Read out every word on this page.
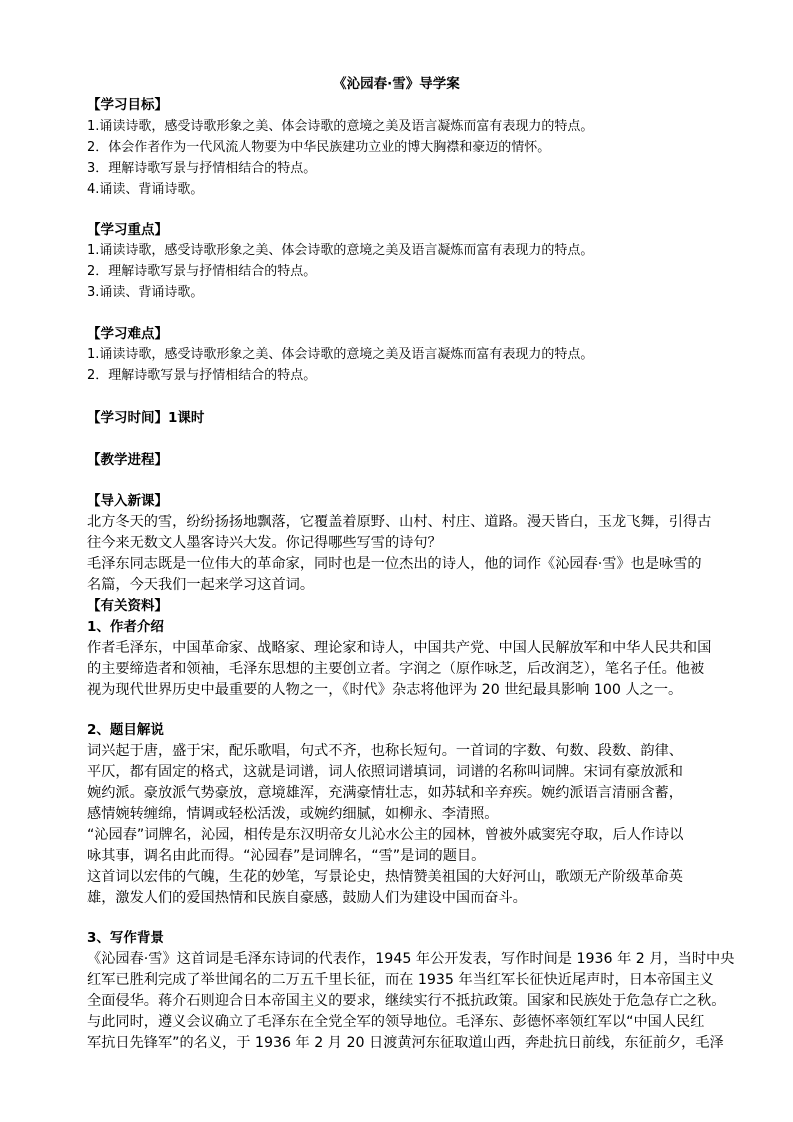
《沁园春·雪》导学案
【学习目标】
1.诵读诗歌，感受诗歌形象之美、体会诗歌的意境之美及语言凝炼而富有表现力的特点。
2．体会作者作为一代风流人物要为中华民族建功立业的博大胸襟和豪迈的情怀。
3．理解诗歌写景与抒情相结合的特点。
4.诵读、背诵诗歌。
【学习重点】
1.诵读诗歌，感受诗歌形象之美、体会诗歌的意境之美及语言凝炼而富有表现力的特点。
2．理解诗歌写景与抒情相结合的特点。
3.诵读、背诵诗歌。
【学习难点】
1.诵读诗歌，感受诗歌形象之美、体会诗歌的意境之美及语言凝炼而富有表现力的特点。
2．理解诗歌写景与抒情相结合的特点。
【学习时间】1课时
【教学进程】
【导入新课】
北方冬天的雪，纷纷扬扬地飘落，它覆盖着原野、山村、村庄、道路。漫天皆白，玉龙飞舞，引得古
往今来无数文人墨客诗兴大发。你记得哪些写雪的诗句？
毛泽东同志既是一位伟大的革命家，同时也是一位杰出的诗人，他的词作《沁园春·雪》也是咏雪的
名篇，今天我们一起来学习这首词。
【有关资料】
1、作者介绍
作者毛泽东，中国革命家、战略家、理论家和诗人，中国共产党、中国人民解放军和中华人民共和国
的主要缔造者和领袖，毛泽东思想的主要创立者。字润之（原作咏芝，后改润芝），笔名子任。他被
视为现代世界历史中最重要的人物之一，《时代》杂志将他评为 20 世纪最具影响 100 人之一。
2、题目解说
词兴起于唐，盛于宋，配乐歌唱，句式不齐，也称长短句。一首词的字数、句数、段数、韵律、
平仄，都有固定的格式，这就是词谱，词人依照词谱填词，词谱的名称叫词牌。宋词有豪放派和
婉约派。豪放派气势豪放，意境雄浑，充满豪情壮志，如苏轼和辛弃疾。婉约派语言清丽含蓄，
感情婉转缠绵，情调或轻松活泼，或婉约细腻，如柳永、李清照。
“沁园春”词牌名，沁园，相传是东汉明帝女儿沁水公主的园林，曾被外戚窦宪夺取，后人作诗以
咏其事，调名由此而得。“沁园春”是词牌名，“雪”是词的题目。
这首词以宏伟的气魄，生花的妙笔，写景论史，热情赞美祖国的大好河山，歌颂无产阶级革命英
雄，激发人们的爱国热情和民族自豪感，鼓励人们为建设中国而奋斗。
3、写作背景
《沁园春·雪》这首词是毛泽东诗词的代表作，1945 年公开发表，写作时间是 1936 年 2 月，当时中央
红军已胜利完成了举世闻名的二万五千里长征，而在 1935 年当红军长征快近尾声时，日本帝国主义
全面侵华。蒋介石则迎合日本帝国主义的要求，继续实行不抵抗政策。国家和民族处于危急存亡之秋。
与此同时，遵义会议确立了毛泽东在全党全军的领导地位。毛泽东、彭德怀率领红军以“中国人民红
军抗日先锋军”的名义，于 1936 年 2 月 20 日渡黄河东征取道山西，奔赴抗日前线，东征前夕，毛泽
